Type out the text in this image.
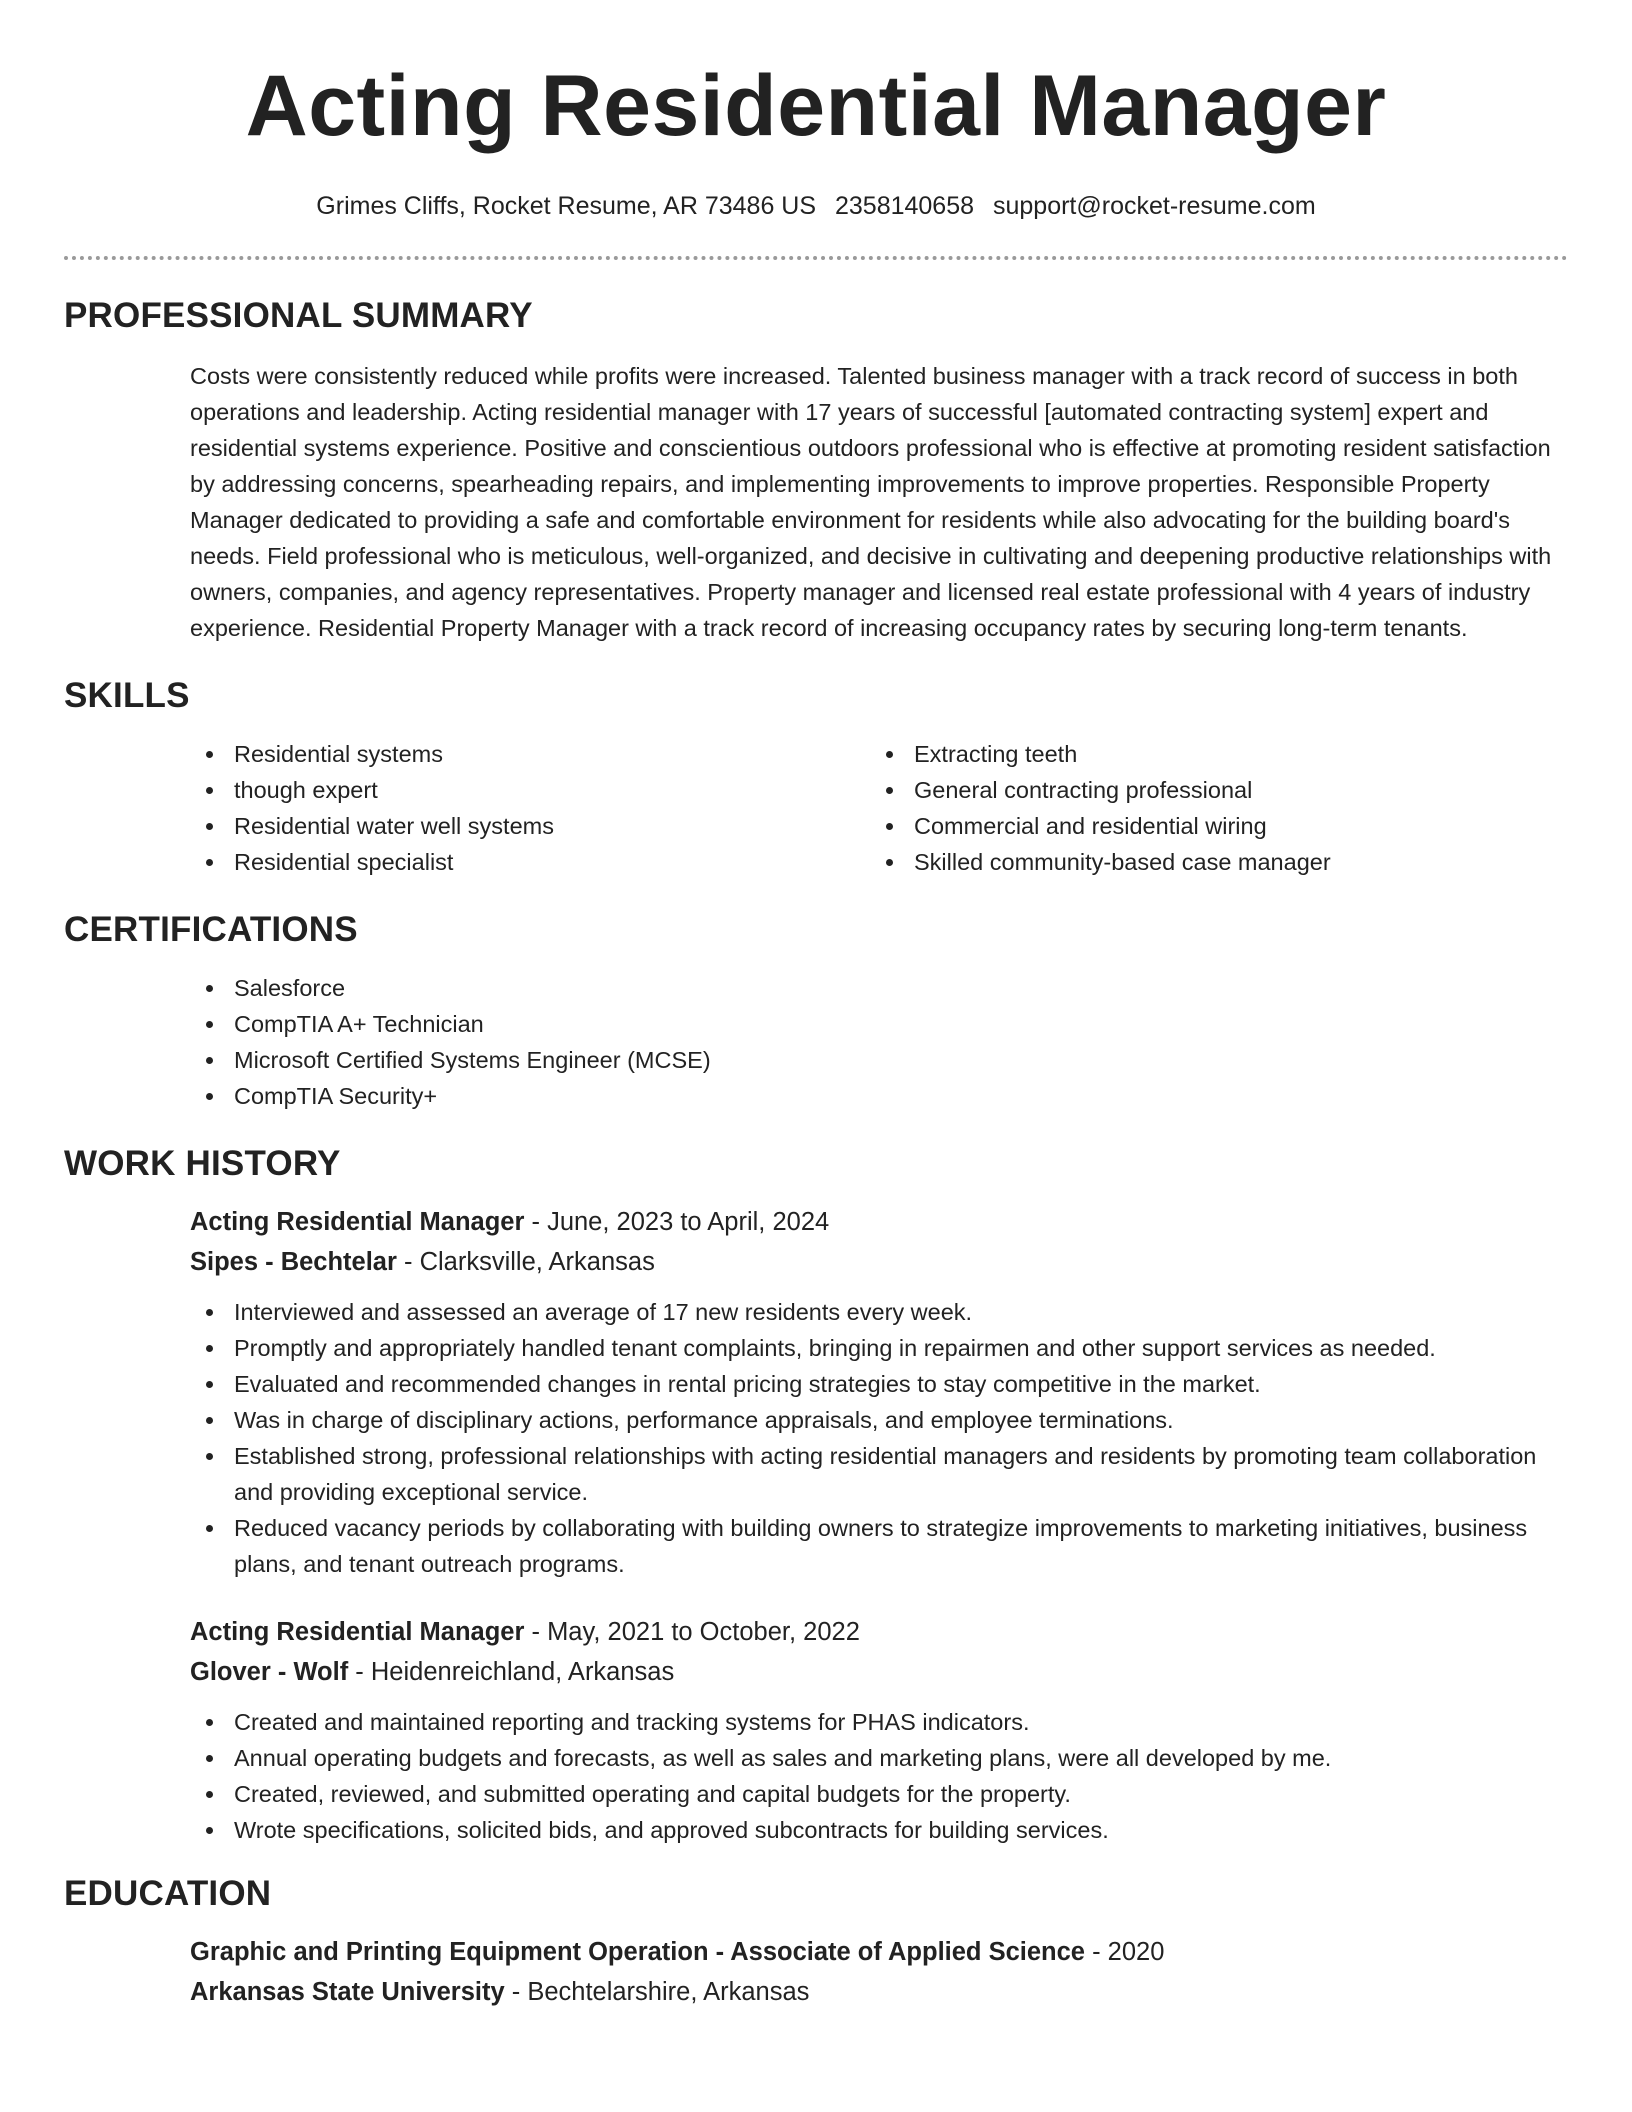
Acting Residential Manager
Grimes Cliffs, Rocket Resume, AR 73486 US 2358140658 support@rocket-resume.com
PROFESSIONAL SUMMARY

Costs were consistently reduced while profits were increased. Talented business manager with a track record of success in both operations and leadership. Acting residential manager with 17 years of successful [automated contracting system] expert and residential systems experience. Positive and conscientious outdoors professional who is effective at promoting resident satisfaction by addressing concerns, spearheading repairs, and implementing improvements to improve properties. Responsible Property Manager dedicated to providing a safe and comfortable environment for residents while also advocating for the building board's needs. Field professional who is meticulous, well-organized, and decisive in cultivating and deepening productive relationships with owners, companies, and agency representatives. Property manager and licensed real estate professional with 4 years of industry experience. Residential Property Manager with a track record of increasing occupancy rates by securing long-term tenants.

SKILLS
Residential systems
though expert
Residential water well systems
Residential specialist
Extracting teeth
General contracting professional
Commercial and residential wiring
Skilled community-based case manager
CERTIFICATIONS
Salesforce
CompTIA A+ Technician
Microsoft Certified Systems Engineer (MCSE)
CompTIA Security+
WORK HISTORY
Acting Residential Manager - June, 2023 to April, 2024
Sipes - Bechtelar - Clarksville, Arkansas
Interviewed and assessed an average of 17 new residents every week.
Promptly and appropriately handled tenant complaints, bringing in repairmen and other support services as needed.
Evaluated and recommended changes in rental pricing strategies to stay competitive in the market.
Was in charge of disciplinary actions, performance appraisals, and employee terminations.
Established strong, professional relationships with acting residential managers and residents by promoting team collaboration and providing exceptional service.
Reduced vacancy periods by collaborating with building owners to strategize improvements to marketing initiatives, business plans, and tenant outreach programs.
Acting Residential Manager - May, 2021 to October, 2022
Glover - Wolf - Heidenreichland, Arkansas
Created and maintained reporting and tracking systems for PHAS indicators.
Annual operating budgets and forecasts, as well as sales and marketing plans, were all developed by me.
Created, reviewed, and submitted operating and capital budgets for the property.
Wrote specifications, solicited bids, and approved subcontracts for building services.
EDUCATION
Graphic and Printing Equipment Operation - Associate of Applied Science - 2020
Arkansas State University - Bechtelarshire, Arkansas
